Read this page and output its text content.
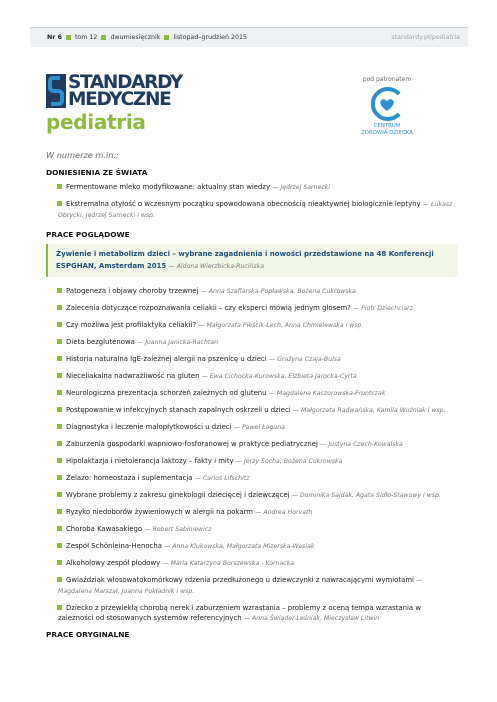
Nr 6 tom 12 dwumiesięcznik listopad–grudzień 2015	standardy.pl/pediatria
STANDARDY
MEDYCZNE
pediatria
pod patronatem
CENTRUM
ZDROWIA DZIECKA
W numerze m.in.:
DONIESIENIA ZE ŚWIATA
Fermentowane mleko modyfikowane: aktualny stan wiedzy — Jędrzej Sarnecki
Ekstremalna otyłość o wczesnym początku spowodowana obecnością nieaktywnej biologicznie leptyny — Łukasz Obrycki, Jędrzej Sarnecki i wsp.
PRACE POGLĄDOWE
Żywienie i metabolizm dzieci – wybrane zagadnienia i nowości przedstawione na 48 Konferencji ESPGHAN, Amsterdam 2015 — Aldona Wierzbicka-Rucińska
Patogeneza i objawy choroby trzewnej — Anna Szaflarska-Popławska, Bożena Cukrowska
Zalecenia dotyczące rozpoznawania celiakii – czy eksperci mówią jednym głosem? — Piotr Dziechciarz
Czy możliwa jest profilaktyka celiakii? — Małgorzata Pieścik-Lech, Anna Chmielewska i wsp.
Dieta bezglutenowa — Joanna Janicka-Rachtan
Historia naturalna IgE-zależnej alergii na pszenicę u dzieci — Grażyna Czaja-Bulsa
Nieceliakalna nadwrażliwość na gluten — Ewa Cichocka-Kurowska, Elżbieta Jarocka-Cyrta
Neurologiczna prezentacja schorzeń zależnych od glutenu — Magdalena Kaczorowska-Frontczak
Postępowanie w infekcyjnych stanach zapalnych oskrzeli u dzieci — Małgorzata Radwańska, Kamila Woźniak i wsp.
Diagnostyka i leczenie małopłytkowości u dzieci — Paweł Łaguna
Zaburzenia gospodarki wapniowo-fosforanowej w praktyce pediatrycznej — Justyna Czech-Kowalska
Hipolaktazja i nietolerancja laktozy – fakty i mity — Jerzy Socha, Bożena Cukrowska
Żelazo: homeostaza i suplementacja — Carlos Lifschitz
Wybrane problemy z zakresu ginekologii dziecięcej i dziewczęcej — Dominika Sajdak, Agata Sidło-Stawowy i wsp.
Ryzyko niedoborów żywieniowych w alergii na pokarm — Andrea Horvath
Choroba Kawasakiego — Robert Sabiniewicz
Zespół Schönleina-Henocha — Anna Klukowska, Małgorzata Mizerska-Wasiak
Alkoholowy zespół płodowy — Maria Katarzyna Borszewska - Kornacka
Gwiaździak włosowatokomórkowy rdzenia przedłużonego u dziewczynki z nawracającymi wymiotami — Magdalena Marszał, Joanna Pokładnik i wsp.
Dziecko z przewlekłą chorobą nerek i zaburzeniem wzrastania – problemy z oceną tempa wzrastania w zależności od stosowanych systemów referencyjnych — Anna Świąder-Leśniak, Mieczysław Litwin
PRACE ORYGINALNE
